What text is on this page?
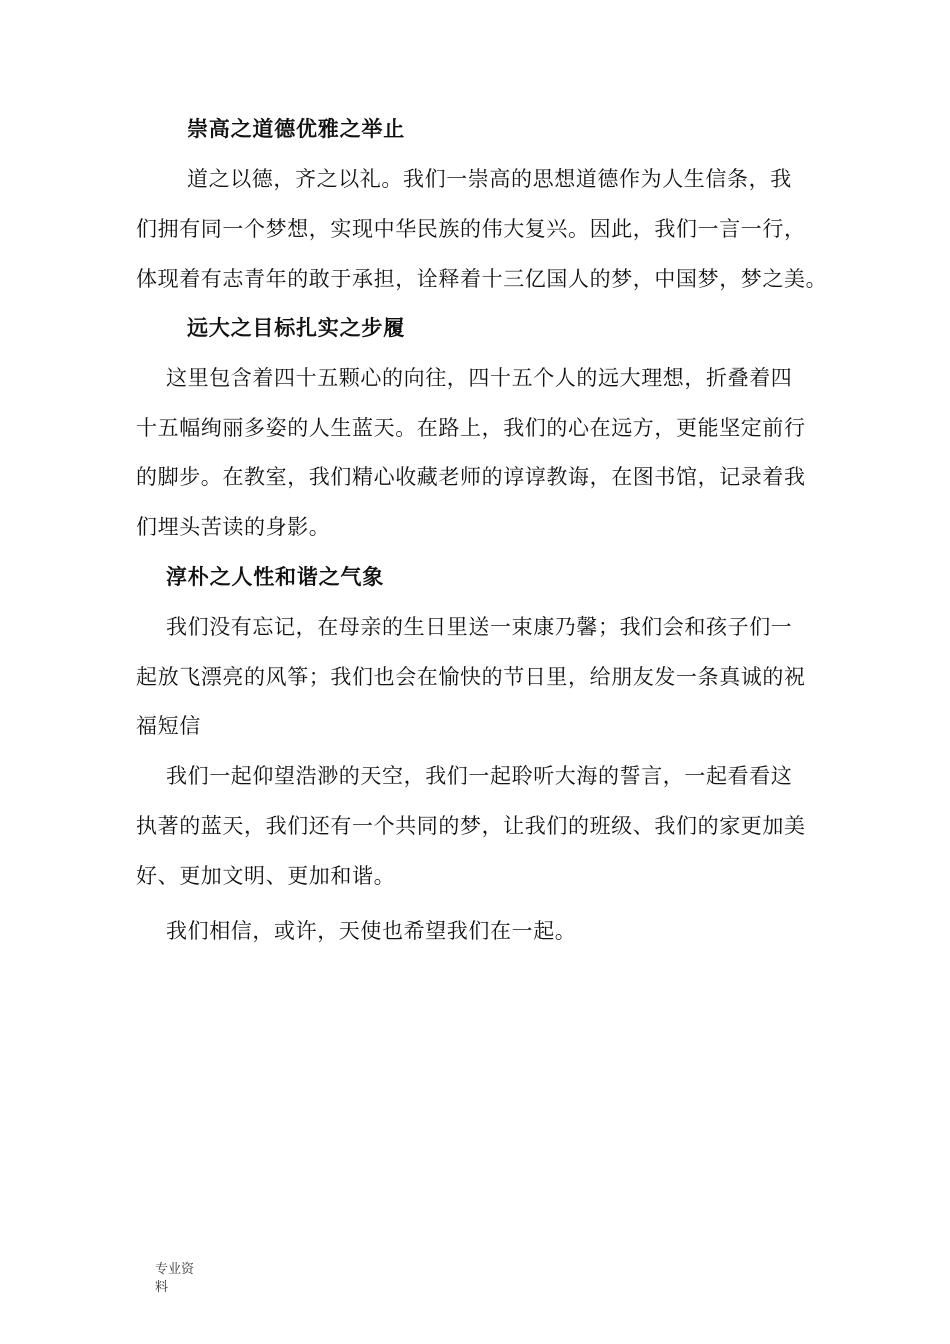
崇高之道德优雅之举止
道之以德，齐之以礼。我们一崇高的思想道德作为人生信条，我
们拥有同一个梦想，实现中华民族的伟大复兴。因此，我们一言一行，
体现着有志青年的敢于承担，诠释着十三亿国人的梦，中国梦，梦之美。
远大之目标扎实之步履
这里包含着四十五颗心的向往，四十五个人的远大理想，折叠着四
十五幅绚丽多姿的人生蓝天。在路上，我们的心在远方，更能坚定前行
的脚步。在教室，我们精心收藏老师的谆谆教诲，在图书馆，记录着我
们埋头苦读的身影。
淳朴之人性和谐之气象
我们没有忘记，在母亲的生日里送一束康乃馨；我们会和孩子们一
起放飞漂亮的风筝；我们也会在愉快的节日里，给朋友发一条真诚的祝
福短信
我们一起仰望浩渺的天空，我们一起聆听大海的誓言，一起看看这
执著的蓝天，我们还有一个共同的梦，让我们的班级、我们的家更加美
好、更加文明、更加和谐。
我们相信，或许，天使也希望我们在一起。
专业资
料
